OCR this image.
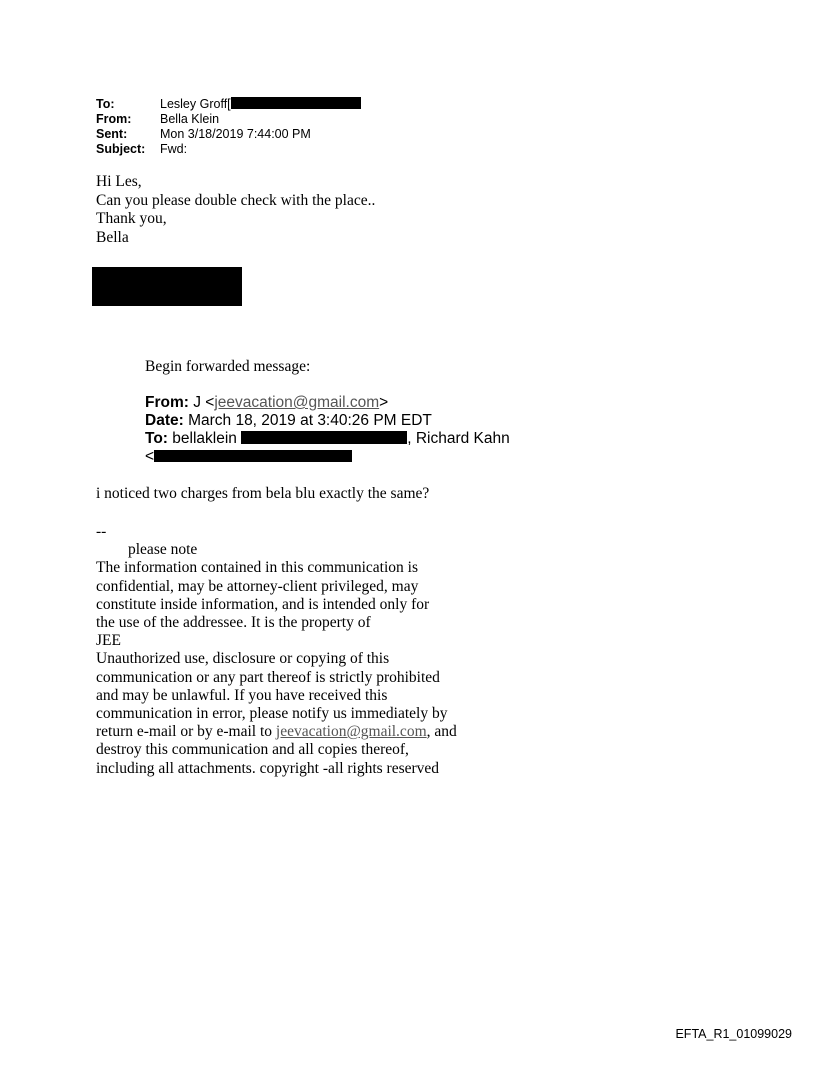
To:	Lesley Groff[
From:	Bella Klein
Sent:	Mon 3/18/2019 7:44:00 PM
Subject:	Fwd:
Hi Les,
Can you please double check with the place..
Thank you,
Bella
Begin forwarded message:
From: J <jeevacation@gmail.com>
Date: March 18, 2019 at 3:40:26 PM EDT
To: bellaklein	, Richard Kahn
<
i noticed two charges from bela blu exactly the same?
--
please note
The information contained in this communication is
confidential, may be attorney-client privileged, may
constitute inside information, and is intended only for
the use of the addressee. It is the property of
JEE
Unauthorized use, disclosure or copying of this
communication or any part thereof is strictly prohibited
and may be unlawful. If you have received this
communication in error, please notify us immediately by
return e-mail or by e-mail to jeevacation@gmail.com, and
destroy this communication and all copies thereof,
including all attachments. copyright -all rights reserved
EFTA_R1_01099029
